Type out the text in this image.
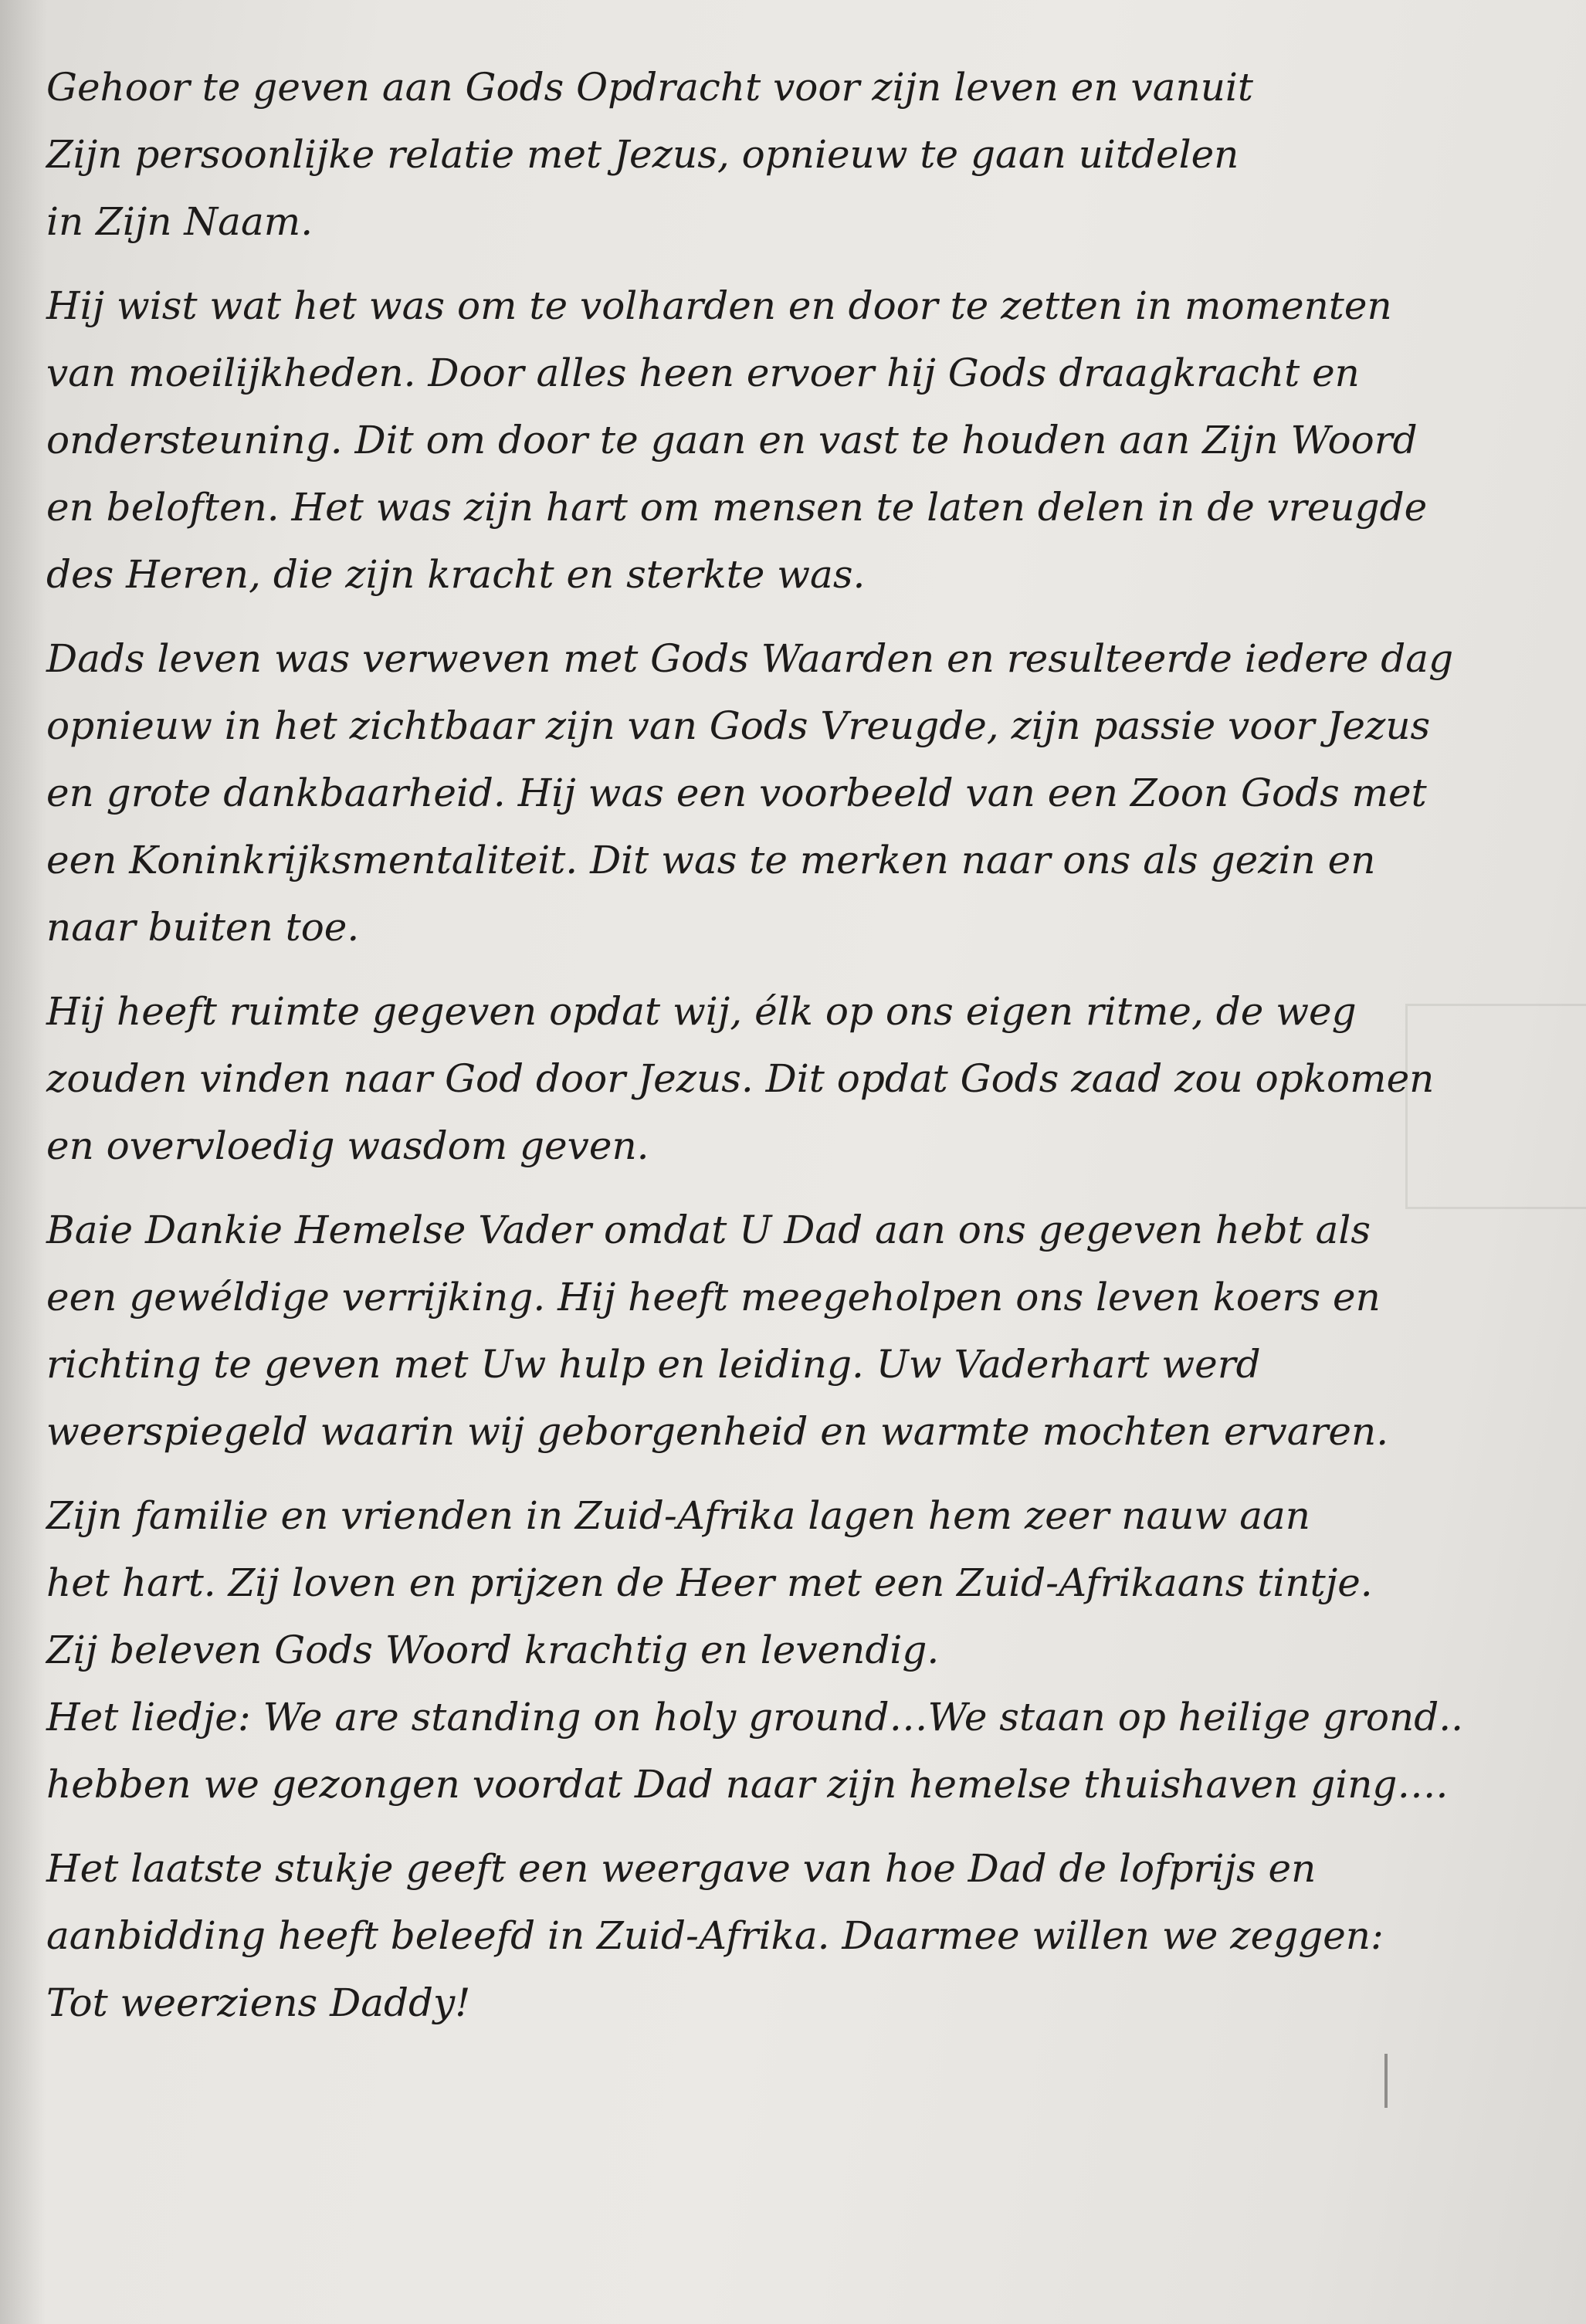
Gehoor te geven aan Gods Opdracht voor zijn leven en vanuit
Zijn persoonlijke relatie met Jezus, opnieuw te gaan uitdelen
in Zijn Naam.
Hij wist wat het was om te volharden en door te zetten in momenten
van moeilijkheden. Door alles heen ervoer hij Gods draagkracht en
ondersteuning. Dit om door te gaan en vast te houden aan Zijn Woord
en beloften. Het was zijn hart om mensen te laten delen in de vreugde
des Heren, die zijn kracht en sterkte was.
Dads leven was verweven met Gods Waarden en resulteerde iedere dag
opnieuw in het zichtbaar zijn van Gods Vreugde, zijn passie voor Jezus
en grote dankbaarheid. Hij was een voorbeeld van een Zoon Gods met
een Koninkrijksmentaliteit. Dit was te merken naar ons als gezin en
naar buiten toe.
Hij heeft ruimte gegeven opdat wij, élk op ons eigen ritme, de weg
zouden vinden naar God door Jezus. Dit opdat Gods zaad zou opkomen
en overvloedig wasdom geven.
Baie Dankie Hemelse Vader omdat U Dad aan ons gegeven hebt als
een gewéldige verrijking. Hij heeft meegeholpen ons leven koers en
richting te geven met Uw hulp en leiding. Uw Vaderhart werd
weerspiegeld waarin wij geborgenheid en warmte mochten ervaren.
Zijn familie en vrienden in Zuid-Afrika lagen hem zeer nauw aan
het hart. Zij loven en prijzen de Heer met een Zuid-Afrikaans tintje.
Zij beleven Gods Woord krachtig en levendig.
Het liedje: We are standing on holy ground…We staan op heilige grond..
hebben we gezongen voordat Dad naar zijn hemelse thuishaven ging….
Het laatste stukje geeft een weergave van hoe Dad de lofprijs en
aanbidding heeft beleefd in Zuid-Afrika. Daarmee willen we zeggen:
Tot weerziens Daddy!
